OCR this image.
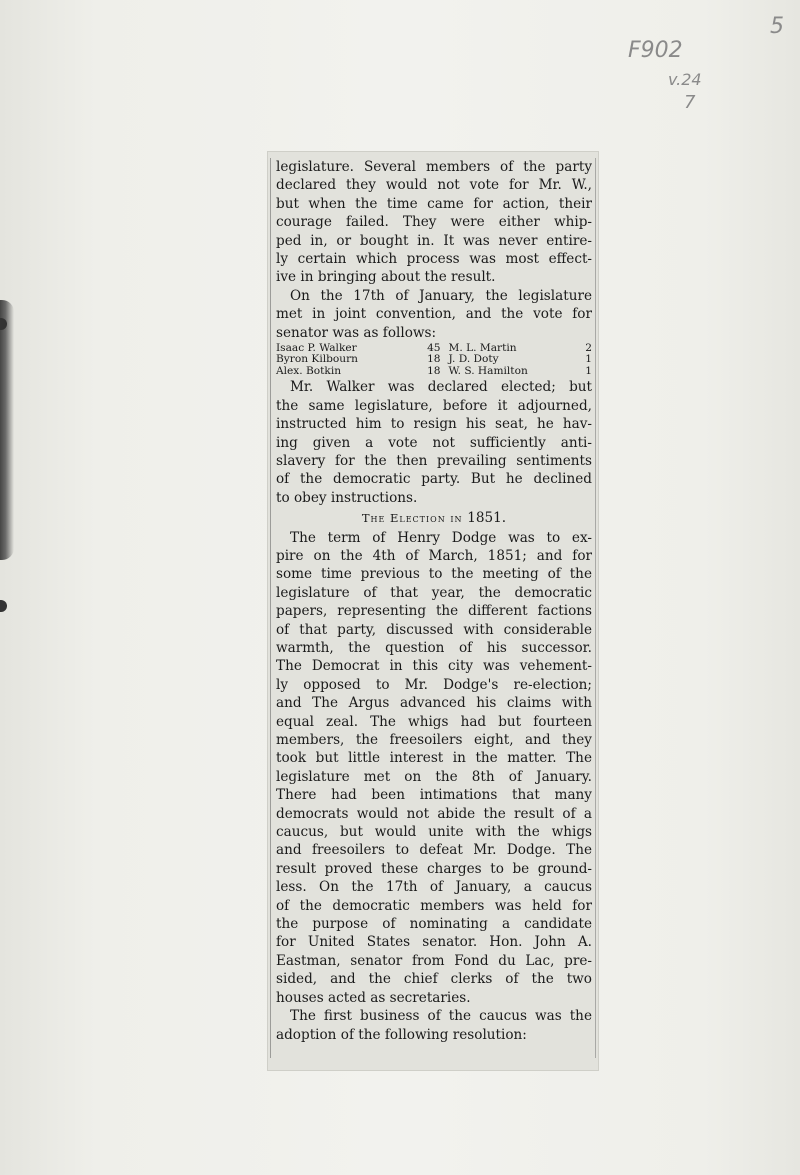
F902
v.24
7
5
legislature. Several members of the party
declared they would not vote for Mr. W.,
but when the time came for action, their
courage failed. They were either whip-
ped in, or bought in. It was never entire-
ly certain which process was most effect-
ive in bringing about the result.
On the 17th of January, the legislature
met in joint convention, and the vote for
senator was as follows:
Isaac P. Walker	45	M. L. Martin	2
Byron Kilbourn	18	J. D. Doty	1
Alex. Botkin	18	W. S. Hamilton	1
Mr. Walker was declared elected; but
the same legislature, before it adjourned,
instructed him to resign his seat, he hav-
ing given a vote not sufficiently anti-
slavery for the then prevailing sentiments
of the democratic party. But he declined
to obey instructions.
The Election in 1851.
The term of Henry Dodge was to ex-
pire on the 4th of March, 1851; and for
some time previous to the meeting of the
legislature of that year, the democratic
papers, representing the different factions
of that party, discussed with considerable
warmth, the question of his successor.
The Democrat in this city was vehement-
ly opposed to Mr. Dodge's re-election;
and The Argus advanced his claims with
equal zeal. The whigs had but fourteen
members, the freesoilers eight, and they
took but little interest in the matter. The
legislature met on the 8th of January.
There had been intimations that many
democrats would not abide the result of a
caucus, but would unite with the whigs
and freesoilers to defeat Mr. Dodge. The
result proved these charges to be ground-
less. On the 17th of January, a caucus
of the democratic members was held for
the purpose of nominating a candidate
for United States senator. Hon. John A.
Eastman, senator from Fond du Lac, pre-
sided, and the chief clerks of the two
houses acted as secretaries.
The first business of the caucus was the
adoption of the following resolution:
